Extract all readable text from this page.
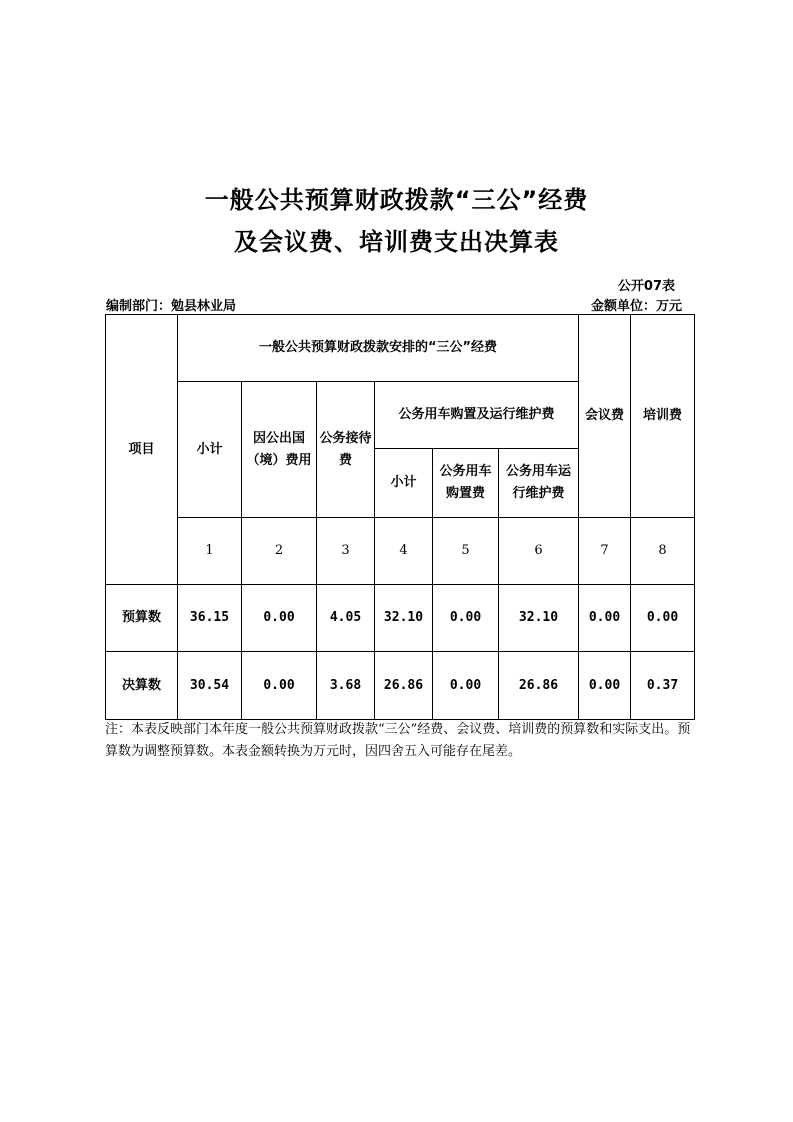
一般公共预算财政拨款“三公”经费
及会议费、培训费支出决算表
公开07表
编制部门：勉县林业局	金额单位：万元
项目	一般公共预算财政拨款安排的“三公”经费						会议费	培训费
	小计	因公出国（境）费用	公务接待费	公务用车购置及运行维护费				
				小计	公务用车购置费	公务用车运行维护费		
	1	2	3	4	5	6	7	8
预算数	36.15	0.00	4.05	32.10	0.00	32.10	0.00	0.00
决算数	30.54	0.00	3.68	26.86	0.00	26.86	0.00	0.37
注：本表反映部门本年度一般公共预算财政拨款“三公”经费、会议费、培训费的预算数和实际支出。预算数为调整预算数。本表金额转换为万元时，因四舍五入可能存在尾差。
